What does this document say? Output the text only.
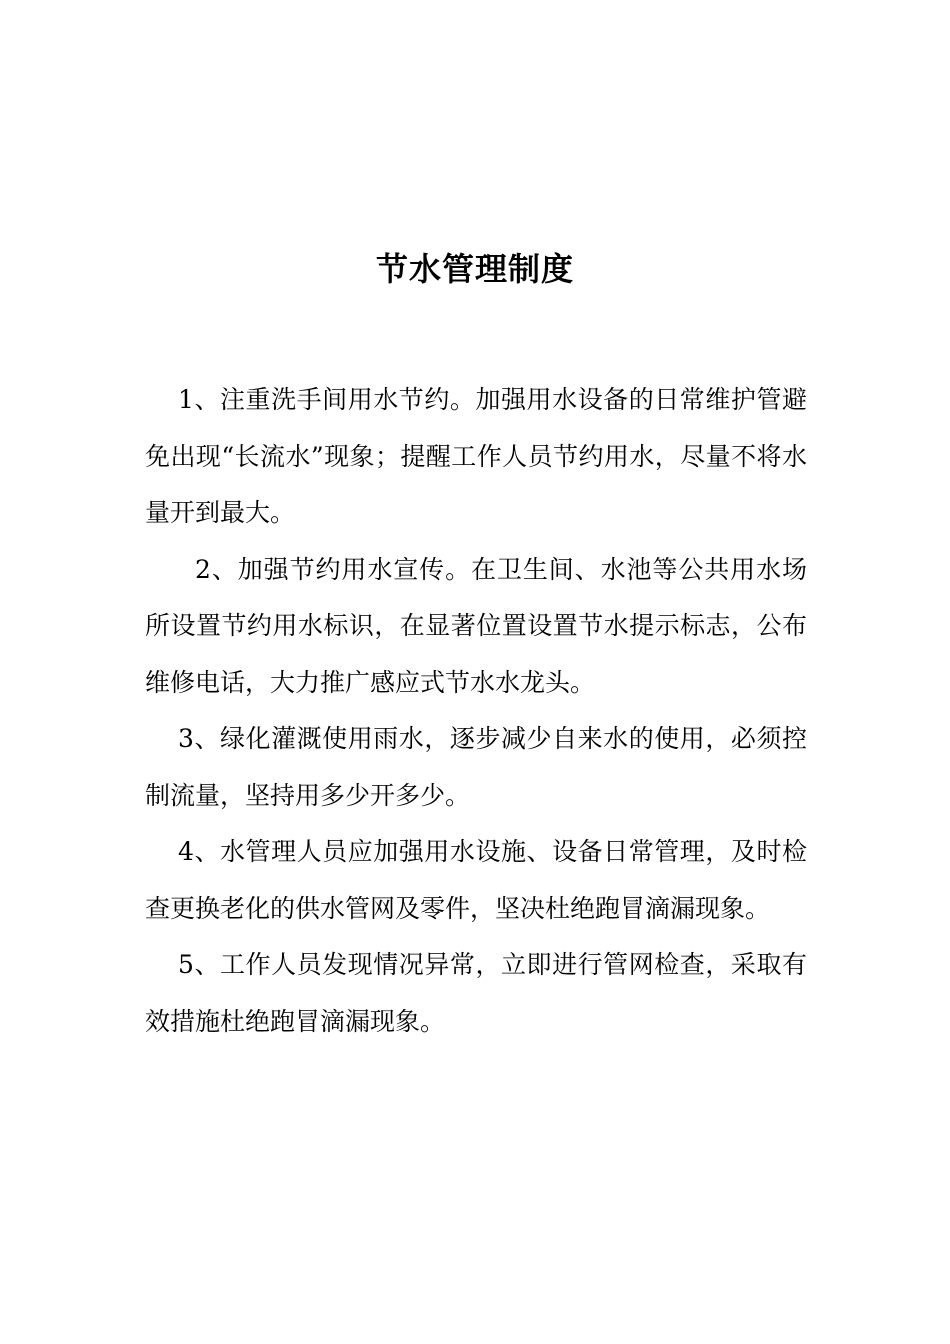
节水管理制度

1、注重洗手间用水节约。加强用水设备的日常维护管避免出现“长流水”现象；提醒工作人员节约用水，尽量不将水量开到最大。

2、加强节约用水宣传。在卫生间、水池等公共用水场所设置节约用水标识，在显著位置设置节水提示标志，公布维修电话，大力推广感应式节水水龙头。

3、绿化灌溉使用雨水，逐步减少自来水的使用，必须控制流量，坚持用多少开多少。

4、水管理人员应加强用水设施、设备日常管理，及时检查更换老化的供水管网及零件，坚决杜绝跑冒滴漏现象。

5、工作人员发现情况异常，立即进行管网检查，采取有效措施杜绝跑冒滴漏现象。
